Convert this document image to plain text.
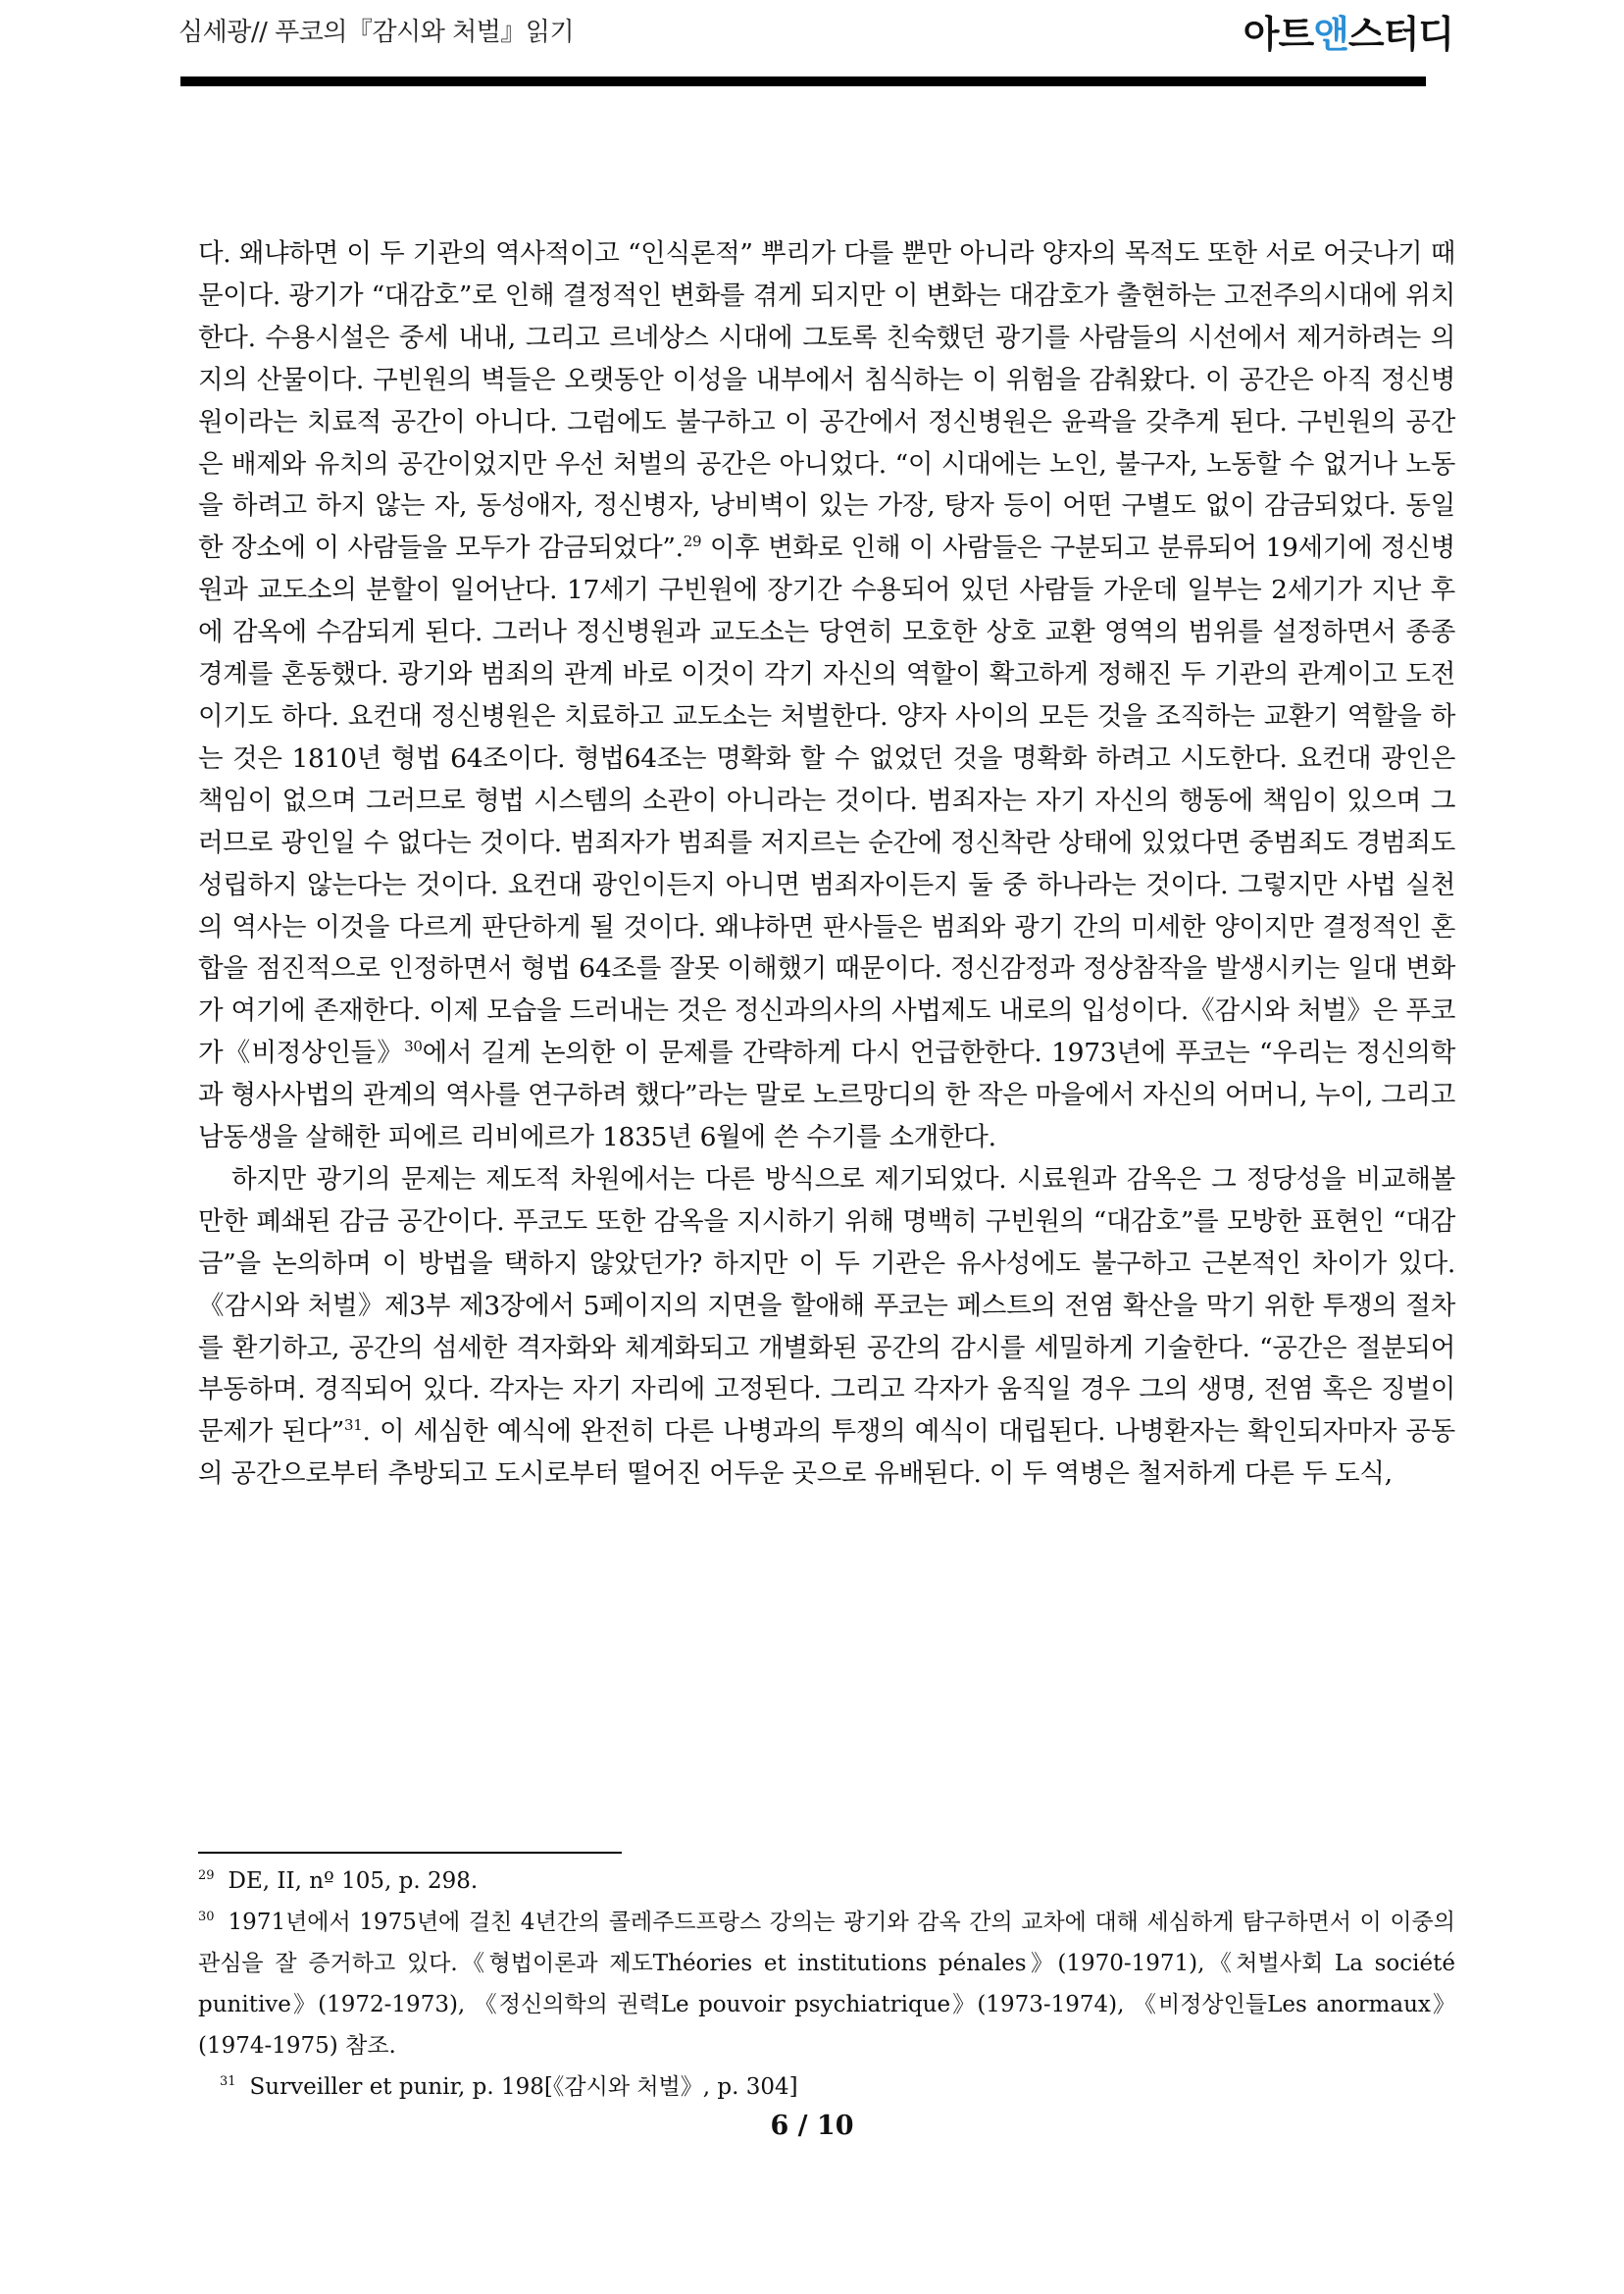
심세광// 푸코의『감시와 처벌』읽기	아트앤스터디

다. 왜냐하면 이 두 기관의 역사적이고 “인식론적” 뿌리가 다를 뿐만 아니라 양자의 목적도 또한 서로 어긋나기 때문이다. 광기가 “대감호”로 인해 결정적인 변화를 겪게 되지만 이 변화는 대감호가 출현하는 고전주의시대에 위치한다. 수용시설은 중세 내내, 그리고 르네상스 시대에 그토록 친숙했던 광기를 사람들의 시선에서 제거하려는 의지의 산물이다. 구빈원의 벽들은 오랫동안 이성을 내부에서 침식하는 이 위험을 감춰왔다. 이 공간은 아직 정신병원이라는 치료적 공간이 아니다. 그럼에도 불구하고 이 공간에서 정신병원은 윤곽을 갖추게 된다. 구빈원의 공간은 배제와 유치의 공간이었지만 우선 처벌의 공간은 아니었다. “이 시대에는 노인, 불구자, 노동할 수 없거나 노동을 하려고 하지 않는 자, 동성애자, 정신병자, 낭비벽이 있는 가장, 탕자 등이 어떤 구별도 없이 감금되었다. 동일한 장소에 이 사람들을 모두가 감금되었다”.$^{29}$ 이후 변화로 인해 이 사람들은 구분되고 분류되어 19세기에 정신병원과 교도소의 분할이 일어난다. 17세기 구빈원에 장기간 수용되어 있던 사람들 가운데 일부는 2세기가 지난 후에 감옥에 수감되게 된다. 그러나 정신병원과 교도소는 당연히 모호한 상호 교환 영역의 범위를 설정하면서 종종 경계를 혼동했다. 광기와 범죄의 관계 바로 이것이 각기 자신의 역할이 확고하게 정해진 두 기관의 관계이고 도전이기도 하다. 요컨대 정신병원은 치료하고 교도소는 처벌한다. 양자 사이의 모든 것을 조직하는 교환기 역할을 하는 것은 1810년 형법 64조이다. 형법64조는 명확화 할 수 없었던 것을 명확화 하려고 시도한다. 요컨대 광인은 책임이 없으며 그러므로 형법 시스템의 소관이 아니라는 것이다. 범죄자는 자기 자신의 행동에 책임이 있으며 그러므로 광인일 수 없다는 것이다. 범죄자가 범죄를 저지르는 순간에 정신착란 상태에 있었다면 중범죄도 경범죄도 성립하지 않는다는 것이다. 요컨대 광인이든지 아니면 범죄자이든지 둘 중 하나라는 것이다. 그렇지만 사법 실천의 역사는 이것을 다르게 판단하게 될 것이다. 왜냐하면 판사들은 범죄와 광기 간의 미세한 양이지만 결정적인 혼합을 점진적으로 인정하면서 형법 64조를 잘못 이해했기 때문이다. 정신감정과 정상참작을 발생시키는 일대 변화가 여기에 존재한다. 이제 모습을 드러내는 것은 정신과의사의 사법제도 내로의 입성이다.《감시와 처벌》은 푸코가《비정상인들》$^{30}$에서 길게 논의한 이 문제를 간략하게 다시 언급한한다. 1973년에 푸코는 “우리는 정신의학과 형사사법의 관계의 역사를 연구하려 했다”라는 말로 노르망디의 한 작은 마을에서 자신의 어머니, 누이, 그리고 남동생을 살해한 피에르 리비에르가 1835년 6월에 쓴 수기를 소개한다.

하지만 광기의 문제는 제도적 차원에서는 다른 방식으로 제기되었다. 시료원과 감옥은 그 정당성을 비교해볼 만한 폐쇄된 감금 공간이다. 푸코도 또한 감옥을 지시하기 위해 명백히 구빈원의 “대감호”를 모방한 표현인 “대감금”을 논의하며 이 방법을 택하지 않았던가? 하지만 이 두 기관은 유사성에도 불구하고 근본적인 차이가 있다.《감시와 처벌》제3부 제3장에서 5페이지의 지면을 할애해 푸코는 페스트의 전염 확산을 막기 위한 투쟁의 절차를 환기하고, 공간의 섬세한 격자화와 체계화되고 개별화된 공간의 감시를 세밀하게 기술한다. “공간은 절분되어 부동하며. 경직되어 있다. 각자는 자기 자리에 고정된다. 그리고 각자가 움직일 경우 그의 생명, 전염 혹은 징벌이 문제가 된다”$^{31}$. 이 세심한 예식에 완전히 다른 나병과의 투쟁의 예식이 대립된다. 나병환자는 확인되자마자 공동의 공간으로부터 추방되고 도시로부터 떨어진 어두운 곳으로 유배된다. 이 두 역병은 철저하게 다른 두 도식,

$^{29}$ DE, II, nº 105, p. 298.

$^{30}$ 1971년에서 1975년에 걸친 4년간의 콜레주드프랑스 강의는 광기와 감옥 간의 교차에 대해 세심하게 탐구하면서 이 이중의 관심을 잘 증거하고 있다.《형법이론과 제도Théories et institutions pénales》(1970-1971),《처벌사회 La société punitive》(1972-1973), 《정신의학의 권력Le pouvoir psychiatrique》(1973-1974), 《비정상인들Les anormaux》(1974-1975) 참조.

$^{31}$ Surveiller et punir, p. 198[《감시와 처벌》, p. 304]

6 / 10
